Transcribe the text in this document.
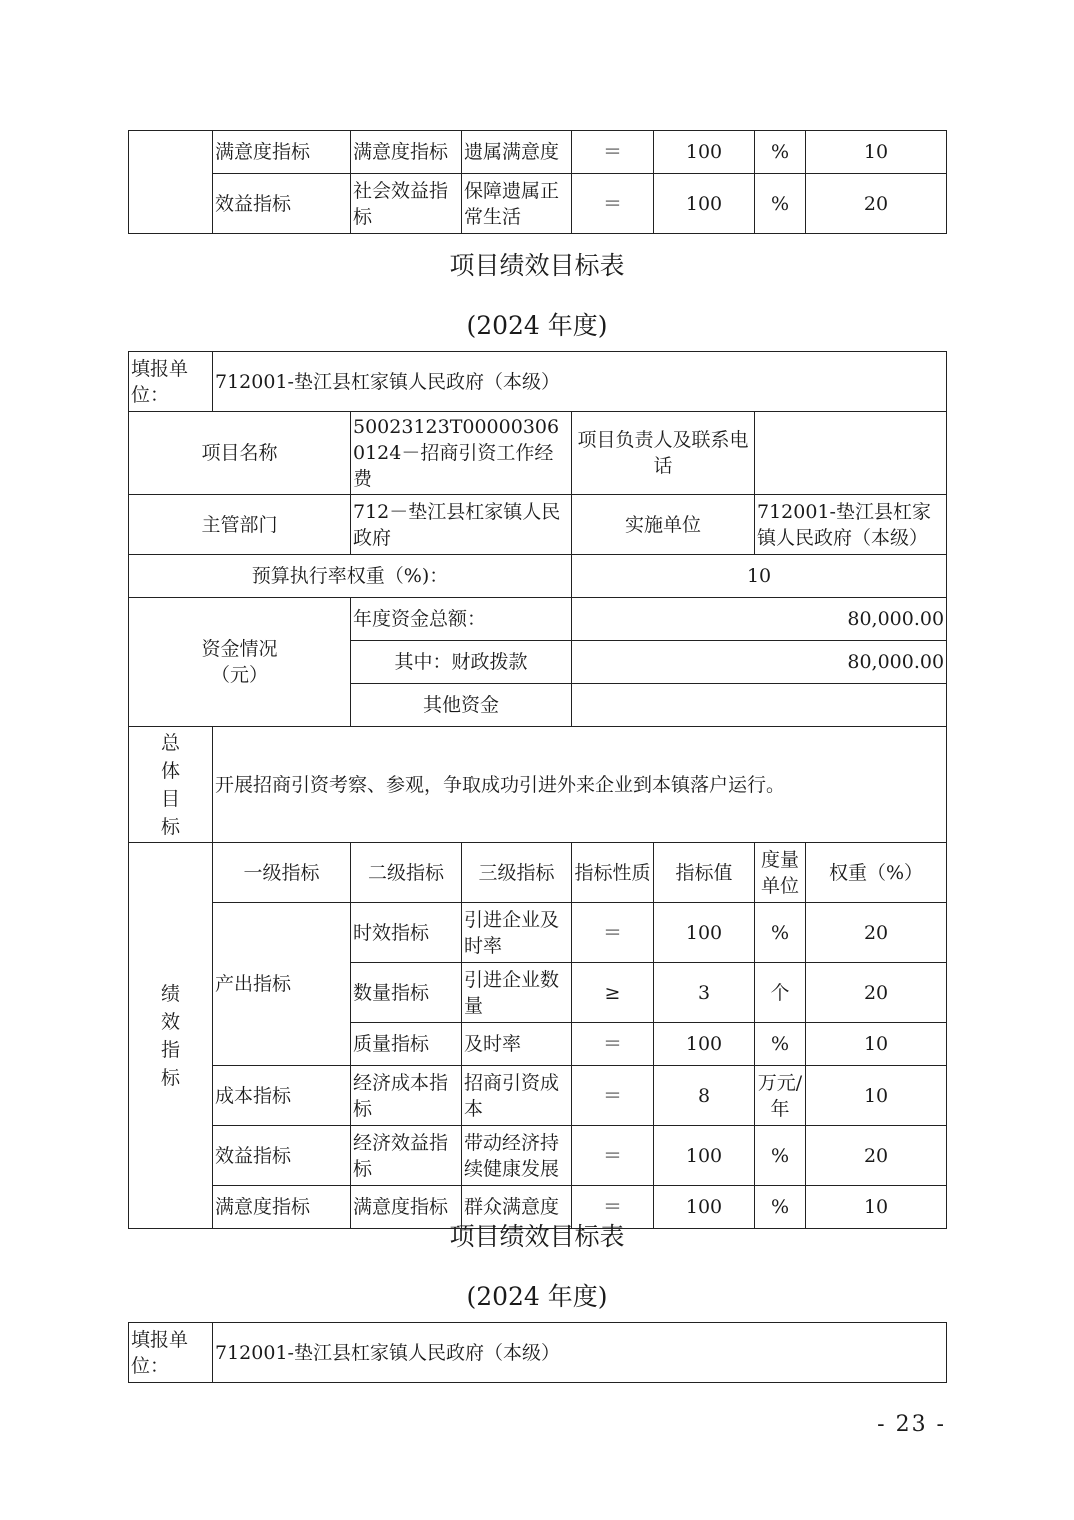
	满意度指标	满意度指标	遗属满意度	＝	100	%	10
	效益指标	社会效益指标	保障遗属正常生活	＝	100	%	20
项目绩效目标表
(2024 年度)
填报单位：	712001-垫江县杠家镇人民政府（本级）						
项目名称		50023123T000003060124－招商引资工作经费		项目负责人及联系电话			
主管部门		712－垫江县杠家镇人民政府		实施单位		712001-垫江县杠家镇人民政府（本级）	
预算执行率权重（%)：				10			
资金情况（元）		年度资金总额：		80,000.00			
		其中：财政拨款		80,000.00			
		其他资金					
总体目标	开展招商引资考察、参观，争取成功引进外来企业到本镇落户运行。						
绩效指标	一级指标	二级指标	三级指标	指标性质	指标值	度量单位	权重（%）
	产出指标	时效指标	引进企业及时率	＝	100	%	20
		数量指标	引进企业数量	≥	3	个	20
		质量指标	及时率	＝	100	%	10
	成本指标	经济成本指标	招商引资成本	＝	8	万元/年	10
	效益指标	经济效益指标	带动经济持续健康发展	＝	100	%	20
	满意度指标	满意度指标	群众满意度	＝	100	%	10
项目绩效目标表
(2024 年度)
填报单位：	712001-垫江县杠家镇人民政府（本级）
- 23 -
